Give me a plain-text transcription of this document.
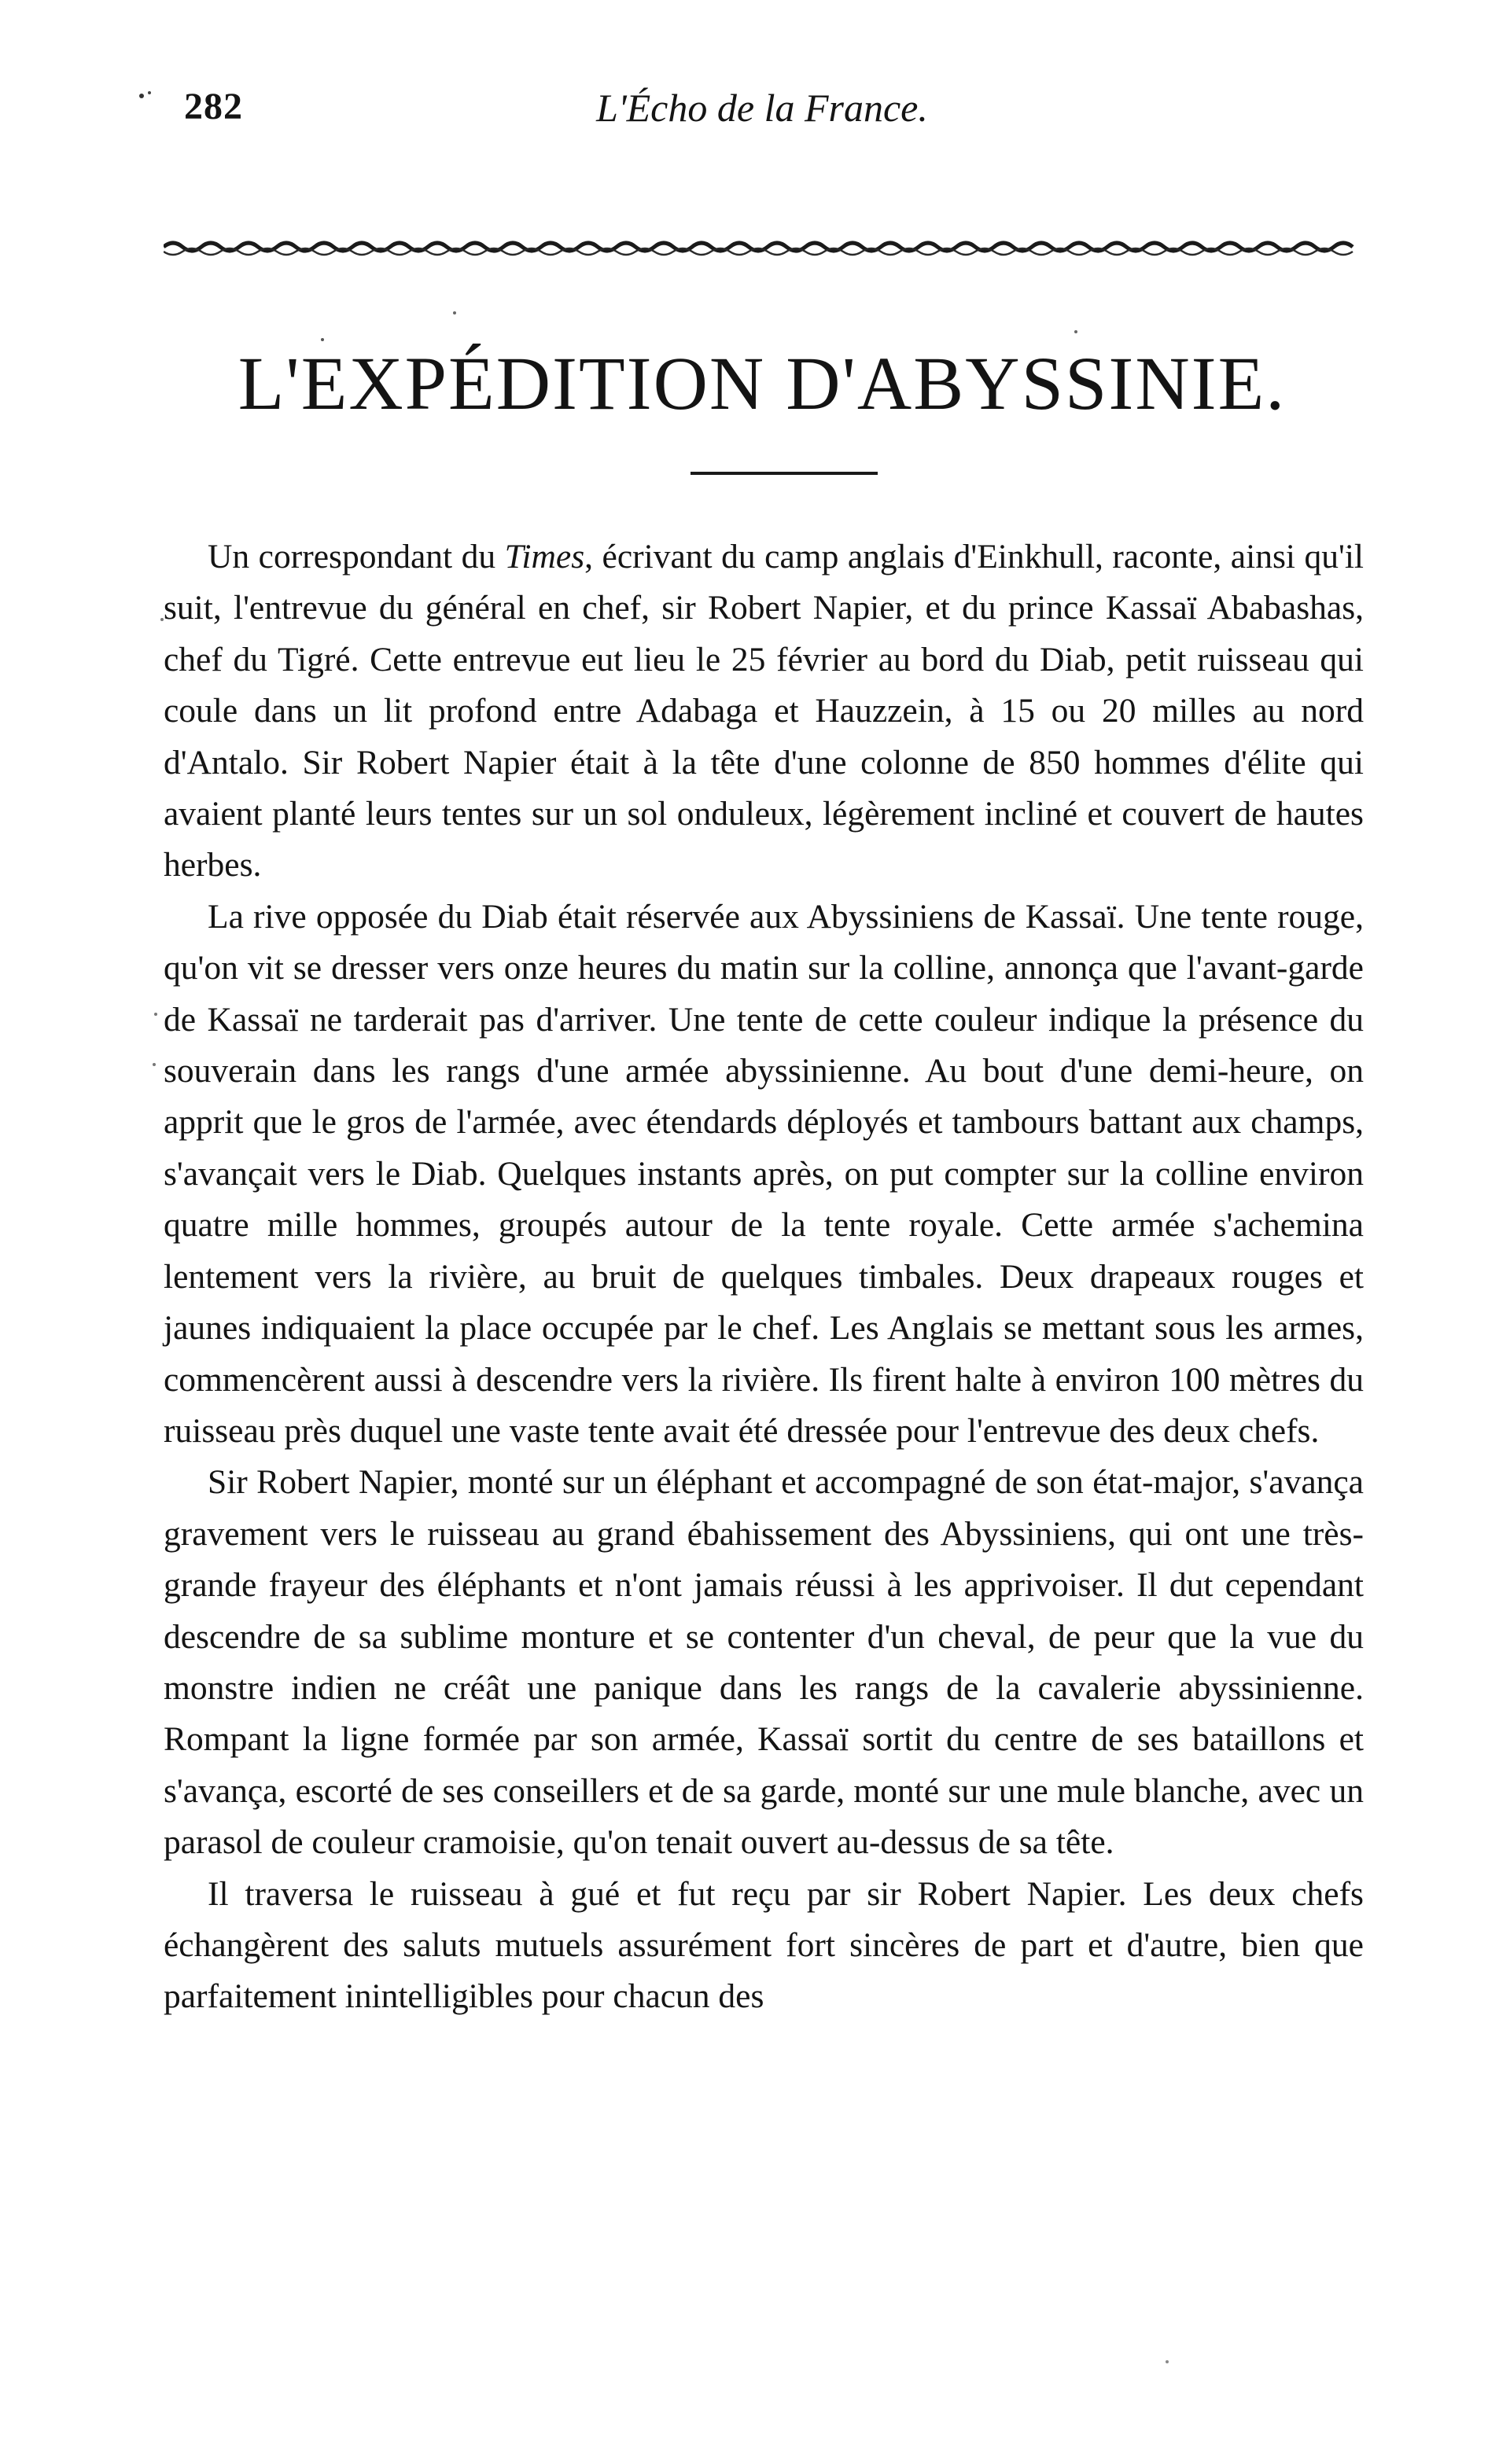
282	L'Écho de la France.
L'EXPÉDITION D'ABYSSINIE.

Un correspondant du Times, écrivant du camp anglais d'Einkhull, raconte, ainsi qu'il suit, l'entrevue du général en chef, sir Robert Napier, et du prince Kassaï Ababashas, chef du Tigré. Cette entrevue eut lieu le 25 février au bord du Diab, petit ruisseau qui coule dans un lit profond entre Adabaga et Hauzzein, à 15 ou 20 milles au nord d'Antalo. Sir Robert Napier était à la tête d'une colonne de 850 hommes d'élite qui avaient planté leurs tentes sur un sol onduleux, légèrement incliné et couvert de hautes herbes.

La rive opposée du Diab était réservée aux Abyssiniens de Kassaï. Une tente rouge, qu'on vit se dresser vers onze heures du matin sur la colline, annonça que l'avant-garde de Kassaï ne tarderait pas d'arriver. Une tente de cette couleur indique la présence du souverain dans les rangs d'une armée abyssinienne. Au bout d'une demi-heure, on apprit que le gros de l'armée, avec étendards déployés et tambours battant aux champs, s'avançait vers le Diab. Quelques instants après, on put compter sur la colline environ quatre mille hommes, groupés autour de la tente royale. Cette armée s'achemina lentement vers la rivière, au bruit de quelques timbales. Deux drapeaux rouges et jaunes indiquaient la place occupée par le chef. Les Anglais se mettant sous les armes, commencèrent aussi à descendre vers la rivière. Ils firent halte à environ 100 mètres du ruisseau près duquel une vaste tente avait été dressée pour l'entrevue des deux chefs.

Sir Robert Napier, monté sur un éléphant et accompagné de son état-major, s'avança gravement vers le ruisseau au grand ébahissement des Abyssiniens, qui ont une très-grande frayeur des éléphants et n'ont jamais réussi à les apprivoiser. Il dut cependant descendre de sa sublime monture et se contenter d'un cheval, de peur que la vue du monstre indien ne créât une panique dans les rangs de la cavalerie abyssinienne. Rompant la ligne formée par son armée, Kassaï sortit du centre de ses bataillons et s'avança, escorté de ses conseillers et de sa garde, monté sur une mule blanche, avec un parasol de couleur cramoisie, qu'on tenait ouvert au-dessus de sa tête.

Il traversa le ruisseau à gué et fut reçu par sir Robert Napier. Les deux chefs échangèrent des saluts mutuels assurément fort sincères de part et d'autre, bien que parfaitement inintelligibles pour chacun des
